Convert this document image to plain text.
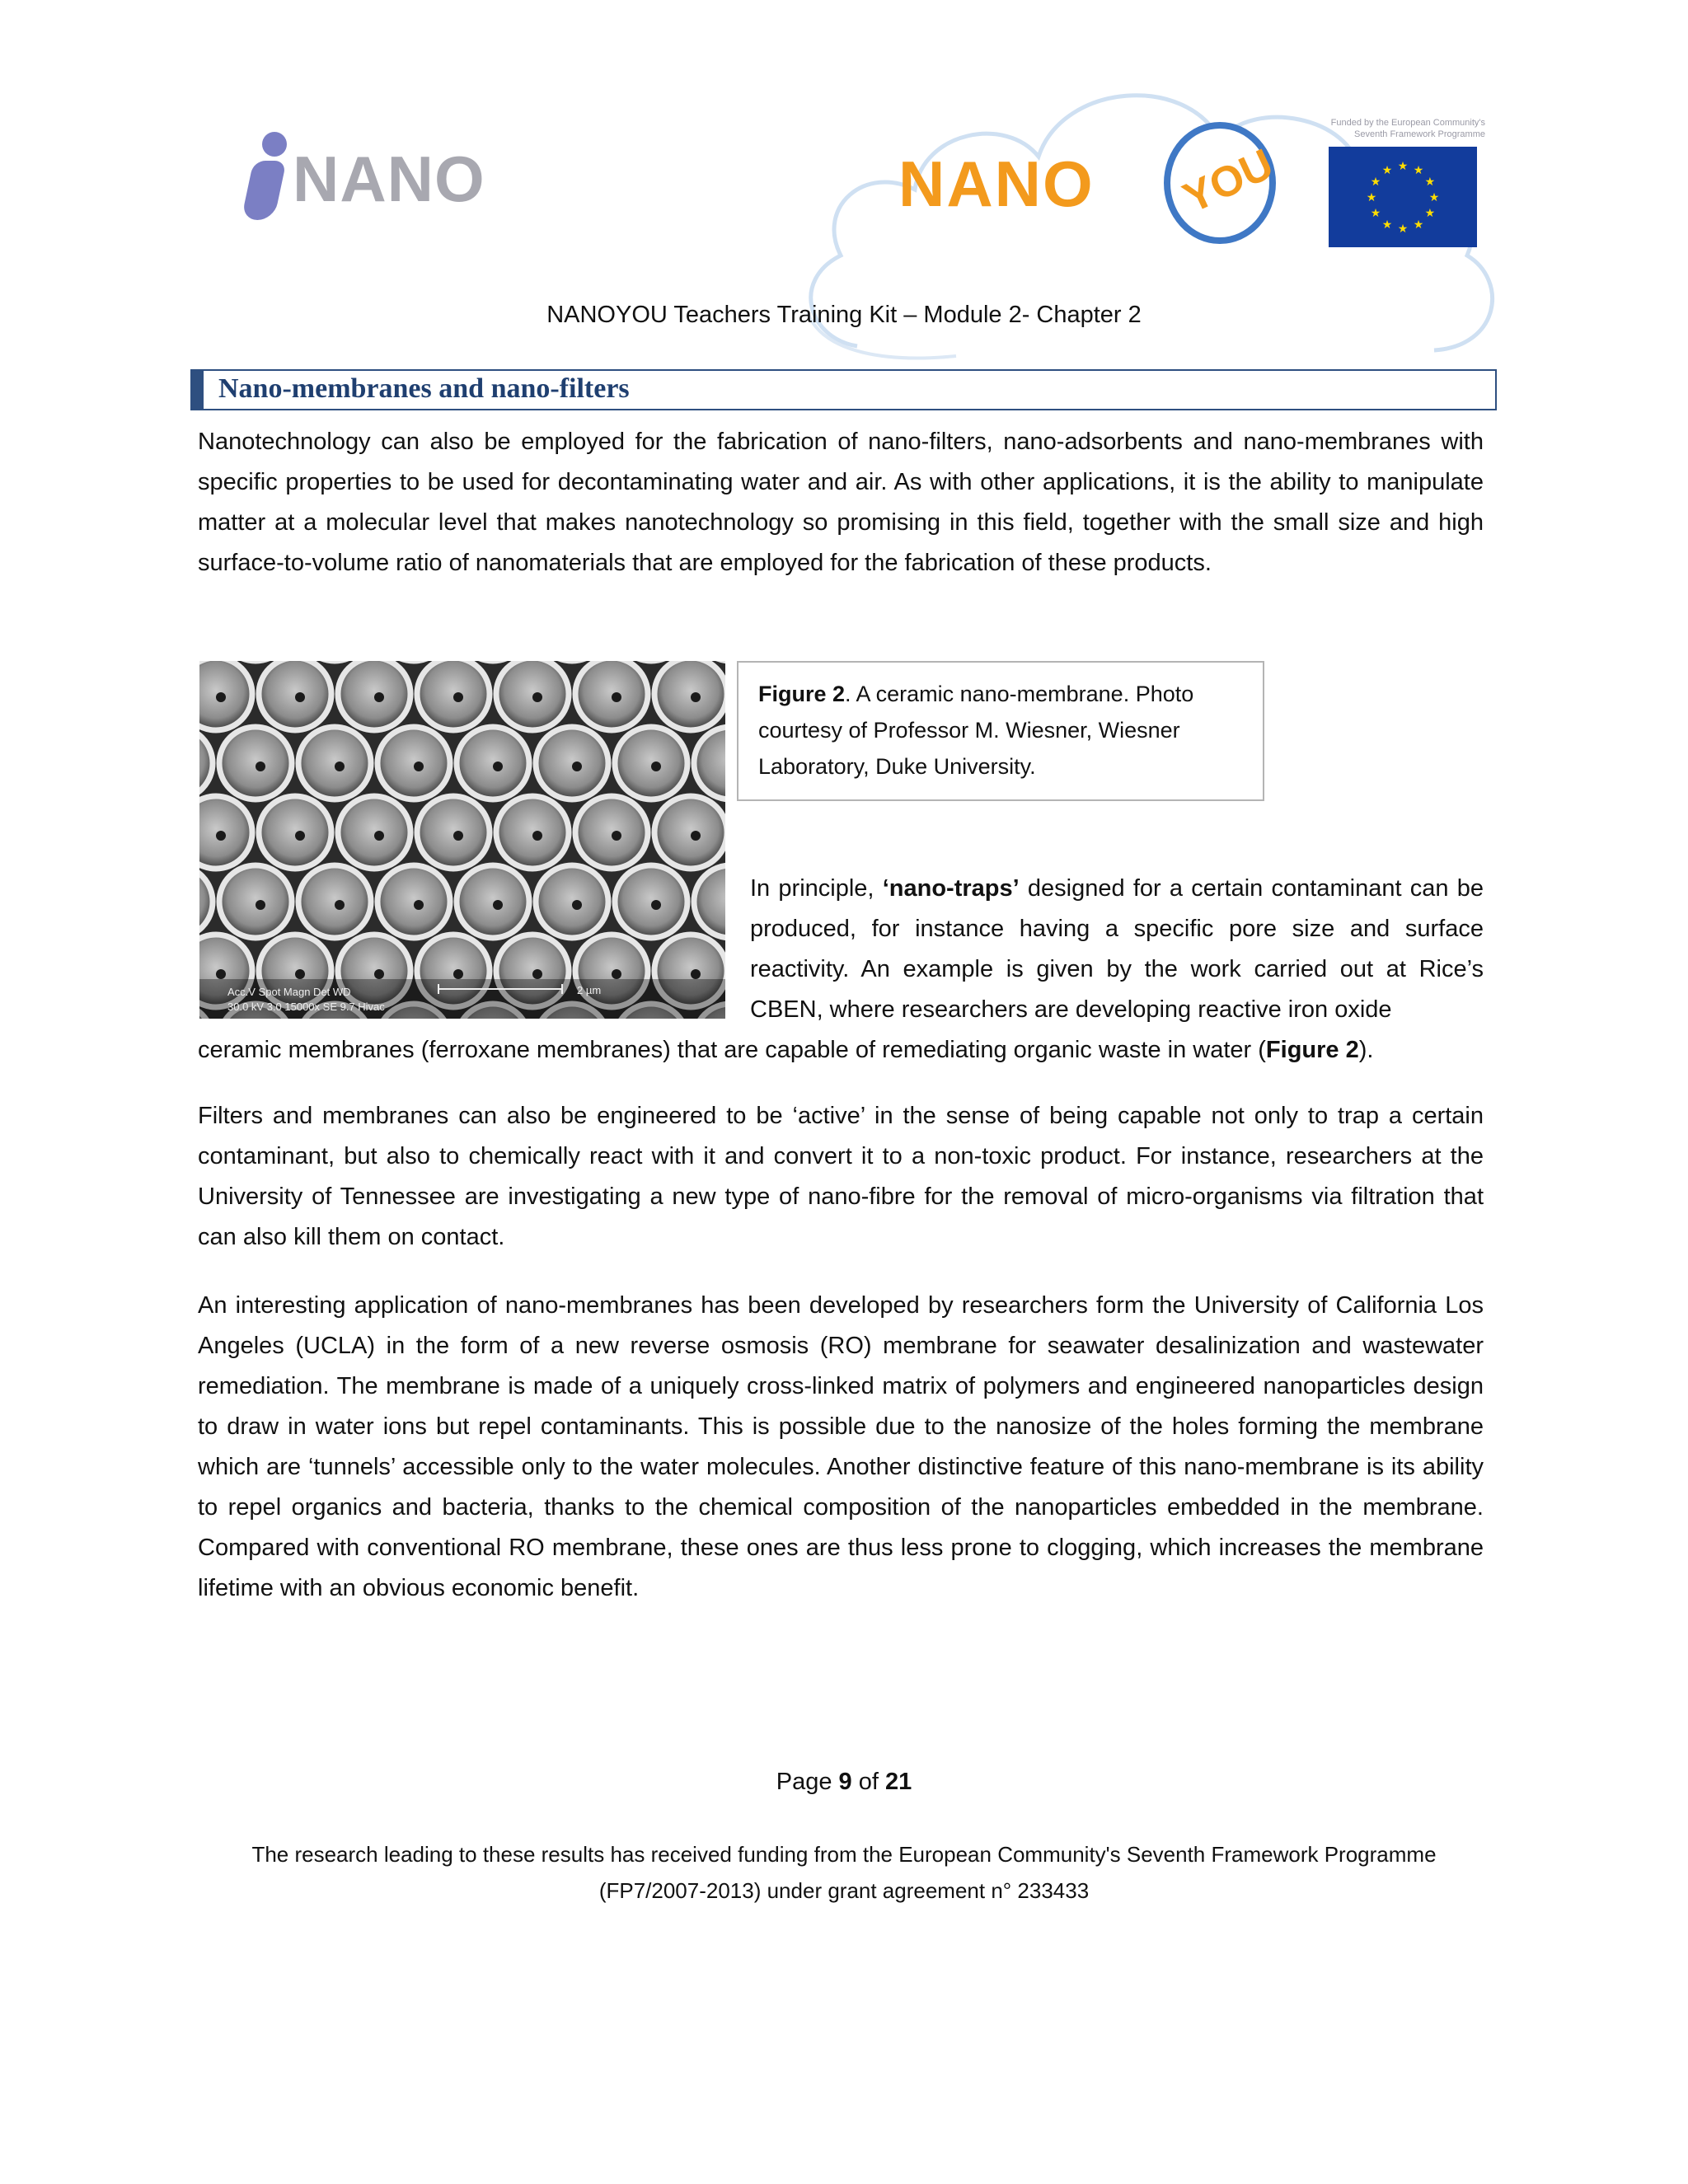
NANO	NANO YOU
Funded by the European Community's Seventh Framework Programme
★ ★
★
★
★
★
★
★
★
★
★
★
NANOYOU Teachers Training Kit – Module 2- Chapter 2
Nano-membranes and nano-filters

Nanotechnology can also be employed for the fabrication of nano-filters, nano-adsorbents and nano-membranes with specific properties to be used for decontaminating water and air. As with other applications, it is the ability to manipulate matter at a molecular level that makes nanotechnology so promising in this field, together with the small size and high surface-to-volume ratio of nanomaterials that are employed for the fabrication of these products.

Acc.V Spot Magn Det WD
30.0 kV 3.0 15000x SE 9.7 Hivac
2 µm
Figure 2. A ceramic nano-membrane. Photo courtesy of Professor M. Wiesner, Wiesner Laboratory, Duke University.

In principle, ‘nano-traps’ designed for a certain contaminant can be produced, for instance having a specific pore size and surface reactivity. An example is given by the work carried out at Rice’s CBEN, where researchers are developing reactive iron oxide

ceramic membranes (ferroxane membranes) that are capable of remediating organic waste in water (Figure 2).

Filters and membranes can also be engineered to be ‘active’ in the sense of being capable not only to trap a certain contaminant, but also to chemically react with it and convert it to a non-toxic product. For instance, researchers at the University of Tennessee are investigating a new type of nano-fibre for the removal of micro-organisms via filtration that can also kill them on contact.

An interesting application of nano-membranes has been developed by researchers form the University of California Los Angeles (UCLA) in the form of a new reverse osmosis (RO) membrane for seawater desalinization and wastewater remediation. The membrane is made of a uniquely cross-linked matrix of polymers and engineered nanoparticles design to draw in water ions but repel contaminants. This is possible due to the nanosize of the holes forming the membrane which are ‘tunnels’ accessible only to the water molecules. Another distinctive feature of this nano-membrane is its ability to repel organics and bacteria, thanks to the chemical composition of the nanoparticles embedded in the membrane. Compared with conventional RO membrane, these ones are thus less prone to clogging, which increases the membrane lifetime with an obvious economic benefit.

Page 9 of 21
The research leading to these results has received funding from the European Community's Seventh Framework Programme
(FP7/2007-2013) under grant agreement n° 233433
